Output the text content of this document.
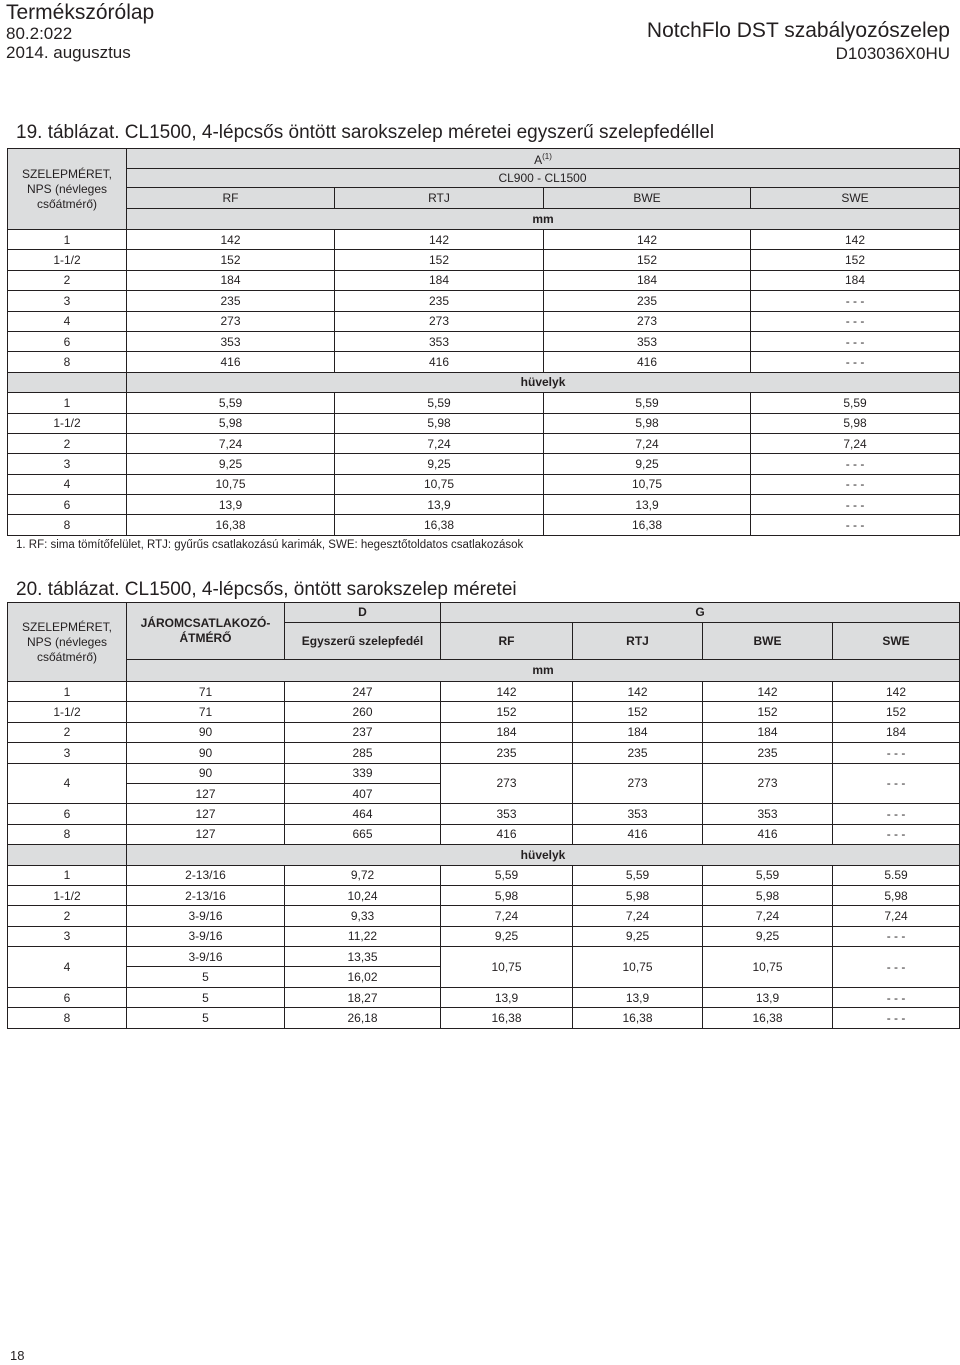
Termékszórólap
80.2:022
2014. augusztus
NotchFlo DST szabályozószelep
D103036X0HU
19. táblázat. CL1500, 4-lépcsős öntött sarokszelep méretei egyszerű szelepfedéllel
SZELEPMÉRET, NPS (névleges csőátmérő)	$A^{(1)}$
		CL900 - CL1500		
	RF	RTJ	BWE	SWE
	mm			
1	142	142	142	142
1-1/2	152	152	152	152
2	184	184	184	184
3	235	235	235	- - -
4	273	273	273	- - -
6	353	353	353	- - -
8	416	416	416	- - -
	hüvelyk			
1	5,59	5,59	5,59	5,59
1-1/2	5,98	5,98	5,98	5,98
2	7,24	7,24	7,24	7,24
3	9,25	9,25	9,25	- - -
4	10,75	10,75	10,75	- - -
6	13,9	13,9	13,9	- - -
8	16,38	16,38	16,38	- - -
1. RF: sima tömítőfelület, RTJ: gyűrűs csatlakozású karimák, SWE: hegesztőtoldatos csatlakozások
20. táblázat. CL1500, 4-lépcsős, öntött sarokszelep méretei
SZELEPMÉRET, NPS (névleges csőátmérő)	JÁROMCSATLAKOZÓ-ÁTMÉRŐ	D	G			
		Egyszerű szelepfedél	RF	RTJ	BWE	SWE
	mm					
1	71	247	142	142	142	142
1-1/2	71	260	152	152	152	152
2	90	237	184	184	184	184
3	90	285	235	235	235	- - -
4	90	339	273	273	273	- - -
	127	407				
6	127	464	353	353	353	- - -
8	127	665	416	416	416	- - -
	hüvelyk					
1	2-13/16	9,72	5,59	5,59	5,59	5.59
1-1/2	2-13/16	10,24	5,98	5,98	5,98	5,98
2	3-9/16	9,33	7,24	7,24	7,24	7,24
3	3-9/16	11,22	9,25	9,25	9,25	- - -
4	3-9/16	13,35	10,75	10,75	10,75	- - -
	5	16,02				
6	5	18,27	13,9	13,9	13,9	- - -
8	5	26,18	16,38	16,38	16,38	- - -
18
